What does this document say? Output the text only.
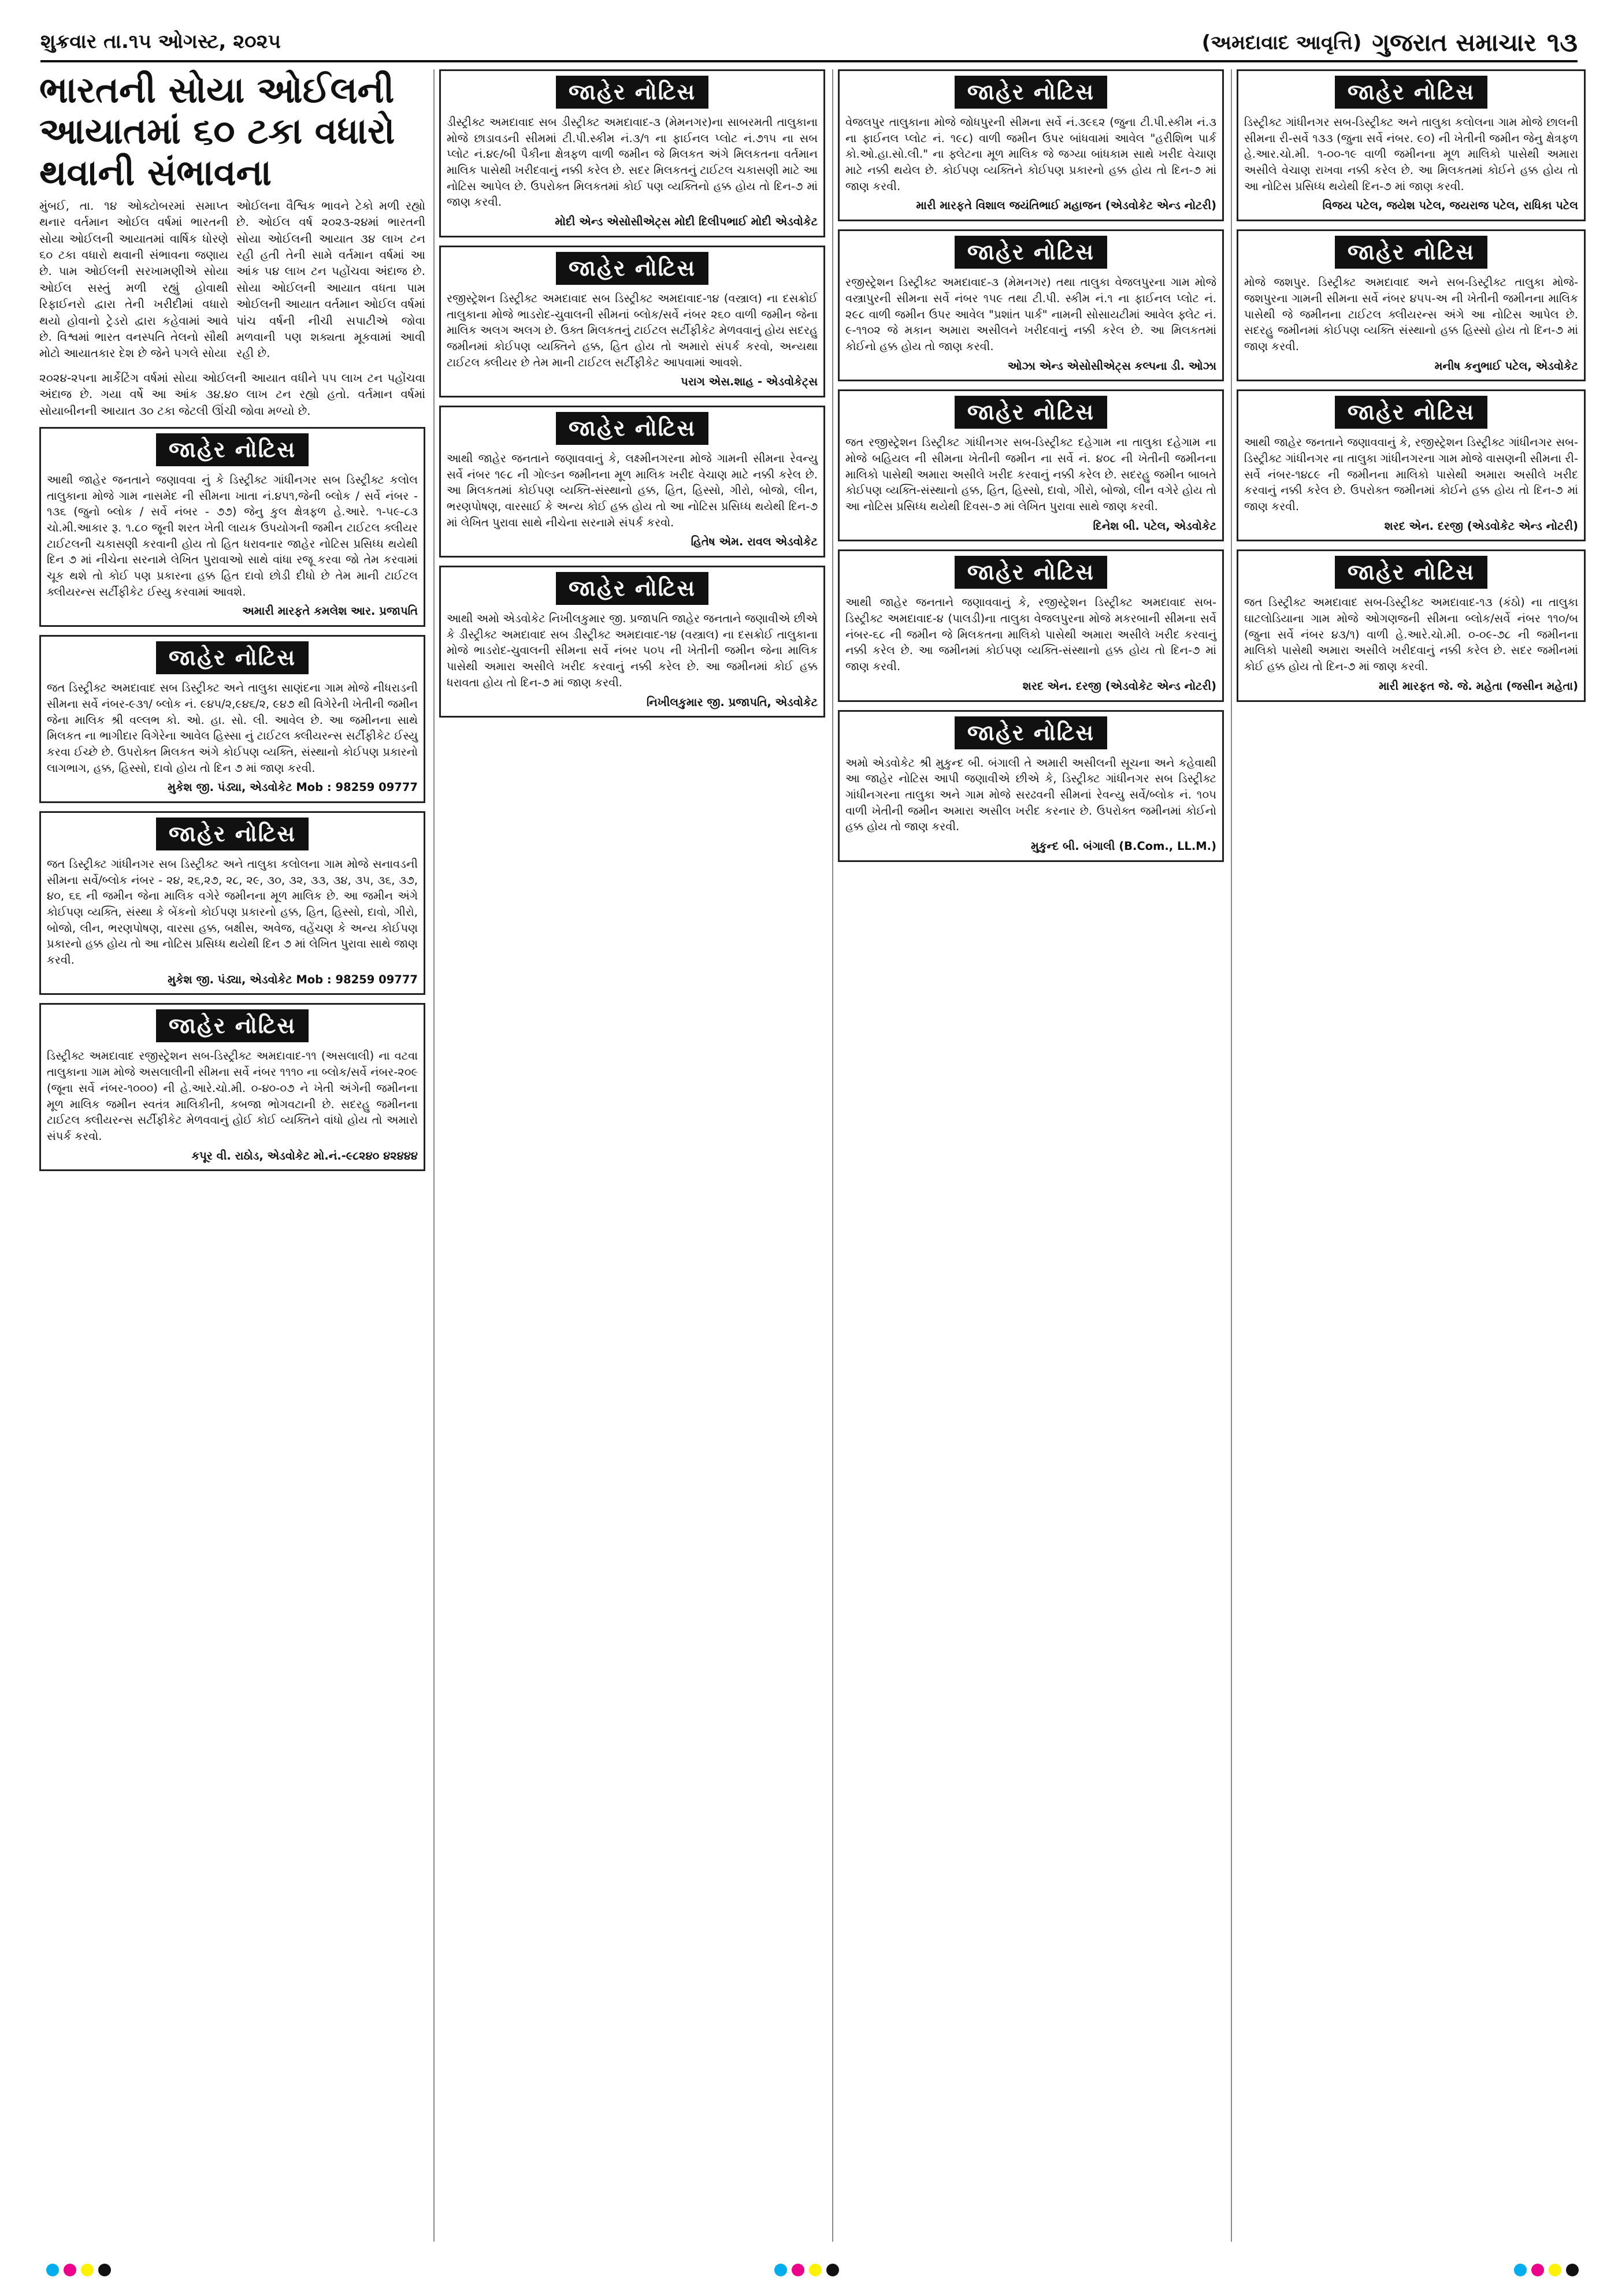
શુક્રવાર તા.૧૫ ઓગસ્ટ, ૨૦૨૫	(અમદાવાદ આવૃત્તિ) ગુજરાત સમાચાર ૧૩
ભારતની સોયા ઓઈલની આયાતમાં ૬૦ ટકા વધારો થવાની સંભાવના

મુંબઈ, તા. ૧૪ ઓક્ટોબરમાં સમાપ્ત થનાર વર્તમાન ઓઈલ વર્ષમાં ભારતની સોયા ઓઈલની આયાતમાં વાર્ષિક ધોરણે ૬૦ ટકા વધારો થવાની સંભાવના જણાય છે. પામ ઓઈલની સરખામણીએ સોયા ઓઈલ સસ્તું મળી રહ્યું હોવાથી રિફાઈનરો દ્વારા તેની ખરીદીમાં વધારો થયો હોવાનો ટ્રેડરો દ્વારા કહેવામાં આવે છે. વિશ્વમાં ભારત વનસ્પતિ તેલનો સૌથી મોટો આયાતકાર દેશ છે જેને પગલે સોયા

ઓઈલના વૈશ્વિક ભાવને ટેકો મળી રહ્યો છે. ઓઈલ વર્ષ ૨૦૨૩-૨૪માં ભારતની સોયા ઓઈલની આયાત ૩૪ લાખ ટન રહી હતી તેની સામે વર્તમાન વર્ષમાં આ આંક ૫૪ લાખ ટન પહોંચવા અંદાજ છે. સોયા ઓઈલની આયાત વધતા પામ ઓઈલની આયાત વર્તમાન ઓઈલ વર્ષમાં પાંચ વર્ષની નીચી સપાટીએ જોવા મળવાની પણ શક્યતા મૂકવામાં આવી રહી છે.

૨૦૨૪-૨૫ના માર્કેટિંગ વર્ષમાં સોયા ઓઈલની આયાત વધીને ૫૫ લાખ ટન પહોંચવા અંદાજ છે. ગયા વર્ષે આ આંક ૩૪.૪૦ લાખ ટન રહ્યો હતો. વર્તમાન વર્ષમાં સોયાબીનની આયાત ૩૦ ટકા જેટલી ઊંચી જોવા મળ્યો છે.

જાહેર નોટિસ
આથી જાહેર જનતાને જણાવવા નું કે ડિસ્ટ્રીક્ટ ગાંધીનગર સબ ડિસ્ટ્રીક્ટ કલોલ તાલુકાના મોજે ગામ નાસમેદ ની સીમના ખાતા નં.૪૫૧,જેની બ્લોક / સર્વે નંબર - ૧૩૬ (જુનો બ્લોક / સર્વે નંબર - ૭૭) જેનુ કુલ ક્ષેત્રફળ હે.આરે. ૧-૫૯-૮૩ ચો.મી.આકાર રૂ. ૧.૮૦ જૂની શરત ખેતી લાયક ઉપયોગની જમીન ટાઈટલ ક્લીયર ટાઈટલની ચકાસણી કરવાની હોય તો હિત ધરાવનાર જાહેર નોટિસ પ્રસિધ્ધ થયેથી દિન ૭ માં નીચેના સરનામે લેખિત પુરાવાઓ સાથે વાંધા રજૂ કરવા જો તેમ કરવામાં ચૂક થશે તો કોઈ પણ પ્રકારના હક્ક હિત દાવો છોડી દીધો છે તેમ માની ટાઈટલ ક્લીયરન્સ સર્ટીફીકેટ ઈસ્યુ કરવામાં આવશે.
અમારી મારફતે કમલેશ આર. પ્રજાપતિ
જાહેર નોટિસ
જત ડિસ્ટ્રીક્ટ અમદાવાદ સબ ડિસ્ટ્રીક્ટ અને તાલુકા સાણંદના ગામ મોજે નીધરાડની સીમના સર્વે નંબર-૯૩૧/ બ્લોક નં. ૯૪૫/૨,૯૪૬/૨, ૯૪૭ થી વિગેરેની ખેતીની જમીન જેના માલિક શ્રી વલ્લભ કો. ઓ. હા. સો. લી. આવેલ છે. આ જમીનના સાથે મિલકત ના ભાગીદાર વિગેરેના આવેલ હિસ્સા નું ટાઈટલ ક્લીયરન્સ સર્ટીફીકેટ ઈસ્યુ કરવા ઈચ્છે છે. ઉપરોક્ત મિલકત અંગે કોઈપણ વ્યક્તિ, સંસ્થાનો કોઈપણ પ્રકારનો લાગભાગ, હક્ક, હિસ્સો, દાવો હોય તો દિન ૭ માં જાણ કરવી.
મુકેશ જી. પંડ્યા, એડવોકેટ Mob : 98259 09777
જાહેર નોટિસ
જત ડિસ્ટ્રીક્ટ ગાંધીનગર સબ ડિસ્ટ્રીક્ટ અને તાલુકા કલોલના ગામ મોજે સનાવડની સીમના સર્વે/બ્લોક નંબર - ૨૪, ૨૬,૨૭, ૨૮, ૨૯, ૩૦, ૩૨, ૩૩, ૩૪, ૩૫, ૩૬, ૩૭, ૪૦, ૬૬ ની જમીન જેના માલિક વગેરે જમીનના મૂળ માલિક છે. આ જમીન અંગે કોઈપણ વ્યક્તિ, સંસ્થા કે બેંકનો કોઈપણ પ્રકારનો હક્ક, હિત, હિસ્સો, દાવો, ગીરો, બોજો, લીન, ભરણપોષણ, વારસા હક્ક, બક્ષીસ, અવેજ, વહેંચણ કે અન્ય કોઈપણ પ્રકારનો હક્ક હોય તો આ નોટિસ પ્રસિધ્ધ થયેથી દિન ૭ માં લેખિત પુરાવા સાથે જાણ કરવી.
મુકેશ જી. પંડ્યા, એડવોકેટ Mob : 98259 09777
જાહેર નોટિસ
ડિસ્ટ્રીક્ટ અમદાવાદ રજીસ્ટ્રેશન સબ-ડિસ્ટ્રીક્ટ અમદાવાદ-૧૧ (અસલાલી) ના વટવા તાલુકાના ગામ મોજે અસલાલીની સીમના સર્વે નંબર ૧૧૧૦ ના બ્લોક/સર્વે નંબર-૨૦૯ (જૂના સર્વે નંબર-૧૦૦૦) ની હે.આરે.ચો.મી. ૦-૪૦-૦૭ ને ખેતી અંગેની જમીનના મૂળ માલિક જમીન સ્વતંત્ર માલિકીની, કબજા ભોગવટાની છે. સદરહુ જમીનના ટાઈટલ ક્લીયરન્સ સર્ટીફીકેટ મેળવવાનું હોઈ કોઈ વ્યક્તિને વાંધો હોય તો અમારો સંપર્ક કરવો.
કપૂર વી. રાઠોડ, એડવોકેટ મો.નં.-૯૮૨૪૦ ૪૨૪૪૪
જાહેર નોટિસ
ડીસ્ટ્રીક્ટ અમદાવાદ સબ ડીસ્ટ્રીક્ટ અમદાવાદ-૩ (મેમનગર)ના સાબરમતી તાલુકાના મોજે છાડાવડની સીમમાં ટી.પી.સ્કીમ નં.૩/૧ ના ફાઈનલ પ્લોટ નં.૭૧૫ ના સબ પ્લોટ નં.૪૯/બી પૈકીના ક્ષેત્રફળ વાળી જમીન જે મિલકત અંગે મિલકતના વર્તમાન માલિક પાસેથી ખરીદવાનું નક્કી કરેલ છે. સદર મિલકતનું ટાઈટલ ચકાસણી માટે આ નોટિસ આપેલ છે. ઉપરોક્ત મિલકતમાં કોઈ પણ વ્યક્તિનો હક્ક હોય તો દિન-૭ માં જાણ કરવી.
મોદી એન્ડ એસોસીએટ્સ મોદી દિલીપભાઈ મોદી એડવોકેટ
જાહેર નોટિસ
રજીસ્ટ્રેશન ડિસ્ટ્રીક્ટ અમદાવાદ સબ ડિસ્ટ્રીક્ટ અમદાવાદ-૧૪ (વસ્ત્રાલ) ના દસક્રોઈ તાલુકાના મોજે ભાડરોદ-ચુવાલની સીમનાં બ્લોક/સર્વે નંબર ૨૬૦ વાળી જમીન જેના માલિક અલગ અલગ છે. ઉક્ત મિલકતનું ટાઈટલ સર્ટીફીકેટ મેળવવાનું હોય સદરહુ જમીનમાં કોઈપણ વ્યક્તિને હક્ક, હિત હોય તો અમારો સંપર્ક કરવો, અન્યથા ટાઈટલ ક્લીયર છે તેમ માની ટાઈટલ સર્ટીફીકેટ આપવામાં આવશે.
પરાગ એસ.શાહ - એડવોકેટ્સ
જાહેર નોટિસ
આથી જાહેર જનતાને જણાવવાનું કે, લક્ષ્મીનગરના મોજે ગામની સીમના રેવન્યુ સર્વે નંબર ૧૯૮ ની ગોલ્ડન જમીનના મૂળ માલિક ખરીદ વેચાણ માટે નક્કી કરેલ છે. આ મિલકતમાં કોઈપણ વ્યક્તિ-સંસ્થાનો હક્ક, હિત, હિસ્સો, ગીરો, બોજો, લીન, ભરણપોષણ, વારસાઈ કે અન્ય કોઈ હક્ક હોય તો આ નોટિસ પ્રસિધ્ધ થયેથી દિન-૭ માં લેખિત પુરાવા સાથે નીચેના સરનામે સંપર્ક કરવો.
હિતેષ એમ. રાવલ એડવોકેટ
જાહેર નોટિસ
આથી અમો એડવોકેટ નિખીલકુમાર જી. પ્રજાપતિ જાહેર જનતાને જણાવીએ છીએ કે ડીસ્ટ્રીક્ટ અમદાવાદ સબ ડીસ્ટ્રીક્ટ અમદાવાદ-૧૪ (વસ્ત્રાલ) ના દસક્રોઈ તાલુકાના મોજે ભાડરોદ-ચુવાલની સીમના સર્વે નંબર ૫૦૫ ની ખેતીની જમીન જેના માલિક પાસેથી અમારા અસીલે ખરીદ કરવાનું નક્કી કરેલ છે. આ જમીનમાં કોઈ હક્ક ધરાવતા હોય તો દિન-૭ માં જાણ કરવી.
નિખીલકુમાર જી. પ્રજાપતિ, એડવોકેટ
જાહેર નોટિસ
વેજલપુર તાલુકાના મોજે જોધપુરની સીમના સર્વે નં.૩૯૬૨ (જુના ટી.પી.સ્કીમ નં.૩ ના ફાઈનલ પ્લોટ નં. ૧૯૮) વાળી જમીન ઉપર બાંધવામાં આવેલ "હરીશિભ પાર્ક કો.ઓ.હા.સો.લી." ના ફ્લેટના મૂળ માલિક જે જગ્યા બાંધકામ સાથે ખરીદ વેચાણ માટે નક્કી થયેલ છે. કોઈપણ વ્યક્તિને કોઈપણ પ્રકારનો હક્ક હોય તો દિન-૭ માં જાણ કરવી.
મારી મારફતે વિશાલ જયંતિભાઈ મહાજન (એડવોકેટ એન્ડ નોટરી)
જાહેર નોટિસ
રજીસ્ટ્રેશન ડિસ્ટ્રીક્ટ અમદાવાદ-૩ (મેમનગર) તથા તાલુકા વેજલપુરના ગામ મોજે વસ્ત્રાપુરની સીમના સર્વે નંબર ૧૫૯ તથા ટી.પી. સ્કીમ નં.૧ ના ફાઈનલ પ્લોટ નં. ૨૯૮ વાળી જમીન ઉપર આવેલ "પ્રશાંત પાર્ક" નામની સોસાયટીમાં આવેલ ફ્લેટ નં. ૯-૧૧૦૨ જે મકાન અમારા અસીલને ખરીદવાનું નક્કી કરેલ છે. આ મિલકતમાં કોઈનો હક્ક હોય તો જાણ કરવી.
ઓઝા એન્ડ એસોસીએટ્સ કલ્પના ડી. ઓઝા
જાહેર નોટિસ
જત રજીસ્ટ્રેશન ડિસ્ટ્રીક્ટ ગાંધીનગર સબ-ડિસ્ટ્રીક્ટ દહેગામ ના તાલુકા દહેગામ ના મોજે બહિયલ ની સીમના ખેતીની જમીન ના સર્વે નં. ૪૦૮ ની ખેતીની જમીનના માલિકો પાસેથી અમારા અસીલે ખરીદ કરવાનું નક્કી કરેલ છે. સદરહુ જમીન બાબતે કોઈપણ વ્યક્તિ-સંસ્થાનો હક્ક, હિત, હિસ્સો, દાવો, ગીરો, બોજો, લીન વગેરે હોય તો આ નોટિસ પ્રસિધ્ધ થયેથી દિવસ-૭ માં લેખિત પુરાવા સાથે જાણ કરવી.
દિનેશ બી. પટેલ, એડવોકેટ
જાહેર નોટિસ
આથી જાહેર જનતાને જણાવવાનું કે, રજીસ્ટ્રેશન ડિસ્ટ્રીક્ટ અમદાવાદ સબ-ડિસ્ટ્રીક્ટ અમદાવાદ-૪ (પાલડી)ના તાલુકા વેજલપુરના મોજે મકરબાની સીમના સર્વે નંબર-૬૮ ની જમીન જે મિલકતના માલિકો પાસેથી અમારા અસીલે ખરીદ કરવાનું નક્કી કરેલ છે. આ જમીનમાં કોઈપણ વ્યક્તિ-સંસ્થાનો હક્ક હોય તો દિન-૭ માં જાણ કરવી.
શરદ એન. દરજી (એડવોકેટ એન્ડ નોટરી)
જાહેર નોટિસ
અમો એડવોકેટ શ્રી મુકુન્દ બી. બંગાલી તે અમારી અસીલની સૂચના અને કહેવાથી આ જાહેર નોટિસ આપી જણાવીએ છીએ કે, ડિસ્ટ્રીક્ટ ગાંધીનગર સબ ડિસ્ટ્રીક્ટ ગાંધીનગરના તાલુકા અને ગામ મોજે સરઢવની સીમનાં રેવન્યુ સર્વે/બ્લોક નં. ૧૦૫ વાળી ખેતીની જમીન અમારા અસીલ ખરીદ કરનાર છે. ઉપરોક્ત જમીનમાં કોઈનો હક્ક હોય તો જાણ કરવી.
મુકુન્દ બી. બંગાલી (B.Com., LL.M.)
જાહેર નોટિસ
ડિસ્ટ્રીક્ટ ગાંધીનગર સબ-ડિસ્ટ્રીક્ટ અને તાલુકા કલોલના ગામ મોજે છાલની સીમના રી-સર્વે ૧૩૩ (જુના સર્વે નંબર. ૯૦) ની ખેતીની જમીન જેનુ ક્ષેત્રફળ હે.આર.ચો.મી. ૧-૦૦-૧૯ વાળી જમીનના મૂળ માલિકો પાસેથી અમારા અસીલે વેચાણ રાખવા નક્કી કરેલ છે. આ મિલકતમાં કોઈને હક્ક હોય તો આ નોટિસ પ્રસિધ્ધ થયેથી દિન-૭ માં જાણ કરવી.
વિજય પટેલ, જયેશ પટેલ, જયરાજ પટેલ, રાધિકા પટેલ
જાહેર નોટિસ
મોજે જશપુર. ડિસ્ટ્રીક્ટ અમદાવાદ અને સબ-ડિસ્ટ્રીક્ટ તાલુકા મોજે-જશપુરના ગામની સીમના સર્વે નંબર ૪૫૫-અ ની ખેતીની જમીનના માલિક પાસેથી જે જમીનના ટાઈટલ ક્લીયરન્સ અંગે આ નોટિસ આપેલ છે. સદરહુ જમીનમાં કોઈપણ વ્યક્તિ સંસ્થાનો હક્ક હિસ્સો હોય તો દિન-૭ માં જાણ કરવી.
મનીષ કનુભાઈ પટેલ, એડવોકેટ
જાહેર નોટિસ
આથી જાહેર જનતાને જણાવવાનું કે, રજીસ્ટ્રેશન ડિસ્ટ્રીક્ટ ગાંધીનગર સબ-ડિસ્ટ્રીક્ટ ગાંધીનગર ના તાલુકા ગાંધીનગરના ગામ મોજે વાસણની સીમના રી-સર્વે નંબર-૧૪૮૯ ની જમીનના માલિકો પાસેથી અમારા અસીલે ખરીદ કરવાનું નક્કી કરેલ છે. ઉપરોક્ત જમીનમાં કોઈને હક્ક હોય તો દિન-૭ માં જાણ કરવી.
શરદ એન. દરજી (એડવોકેટ એન્ડ નોટરી)
જાહેર નોટિસ
જત ડિસ્ટ્રીક્ટ અમદાવાદ સબ-ડિસ્ટ્રીક્ટ અમદાવાદ-૧૩ (કંઠો) ના તાલુકા ઘાટલોડિયાના ગામ મોજે ઓગણજની સીમના બ્લોક/સર્વે નંબર ૧૧૦/બ (જુના સર્વે નંબર ૪૩/૧) વાળી હે.આરે.ચો.મી. ૦-૦૯-૭૮ ની જમીનના માલિકો પાસેથી અમારા અસીલે ખરીદવાનું નક્કી કરેલ છે. સદર જમીનમાં કોઈ હક્ક હોય તો દિન-૭ માં જાણ કરવી.
મારી મારફત જે. જે. મહેતા (જસીન મહેતા)
